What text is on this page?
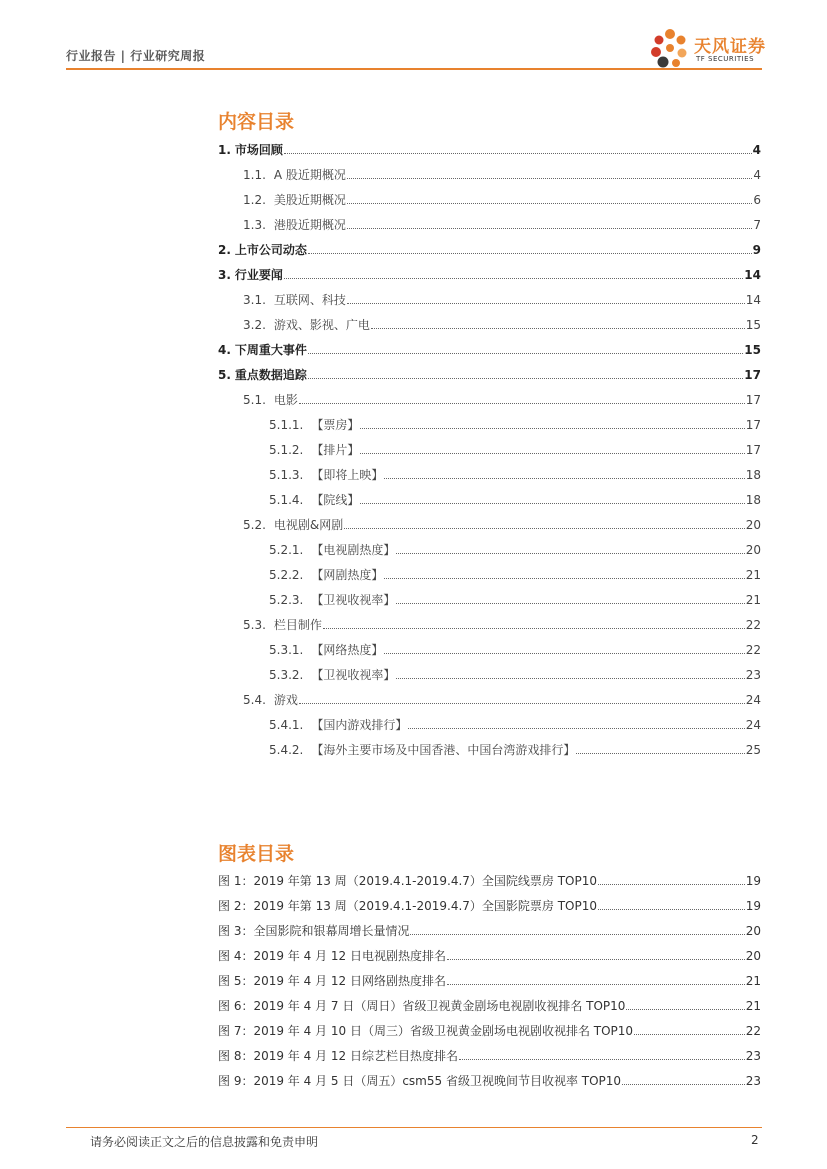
行业报告 | 行业研究周报	天风证券
TF SECURITIES
内容目录
1. 市场回顾	4
1.1. A 股近期概况	4
1.2. 美股近期概况	6
1.3. 港股近期概况	7
2. 上市公司动态	9
3. 行业要闻	14
3.1. 互联网、科技	14
3.2. 游戏、影视、广电	15
4. 下周重大事件	15
5. 重点数据追踪	17
5.1. 电影	17
5.1.1. 【票房】	17
5.1.2. 【排片】	17
5.1.3. 【即将上映】	18
5.1.4. 【院线】	18
5.2. 电视剧&网剧	20
5.2.1. 【电视剧热度】	20
5.2.2. 【网剧热度】	21
5.2.3. 【卫视收视率】	21
5.3. 栏目制作	22
5.3.1. 【网络热度】	22
5.3.2. 【卫视收视率】	23
5.4. 游戏	24
5.4.1. 【国内游戏排行】	24
5.4.2. 【海外主要市场及中国香港、中国台湾游戏排行】	25
图表目录
图 1：2019 年第 13 周（2019.4.1-2019.4.7）全国院线票房 TOP10	19
图 2：2019 年第 13 周（2019.4.1-2019.4.7）全国影院票房 TOP10	19
图 3：全国影院和银幕周增长量情况	20
图 4：2019 年 4 月 12 日电视剧热度排名	20
图 5：2019 年 4 月 12 日网络剧热度排名	21
图 6：2019 年 4 月 7 日（周日）省级卫视黄金剧场电视剧收视排名 TOP10	21
图 7：2019 年 4 月 10 日（周三）省级卫视黄金剧场电视剧收视排名 TOP10	22
图 8：2019 年 4 月 12 日综艺栏目热度排名	23
图 9：2019 年 4 月 5 日（周五）csm55 省级卫视晚间节目收视率 TOP10	23
请务必阅读正文之后的信息披露和免责申明	2
